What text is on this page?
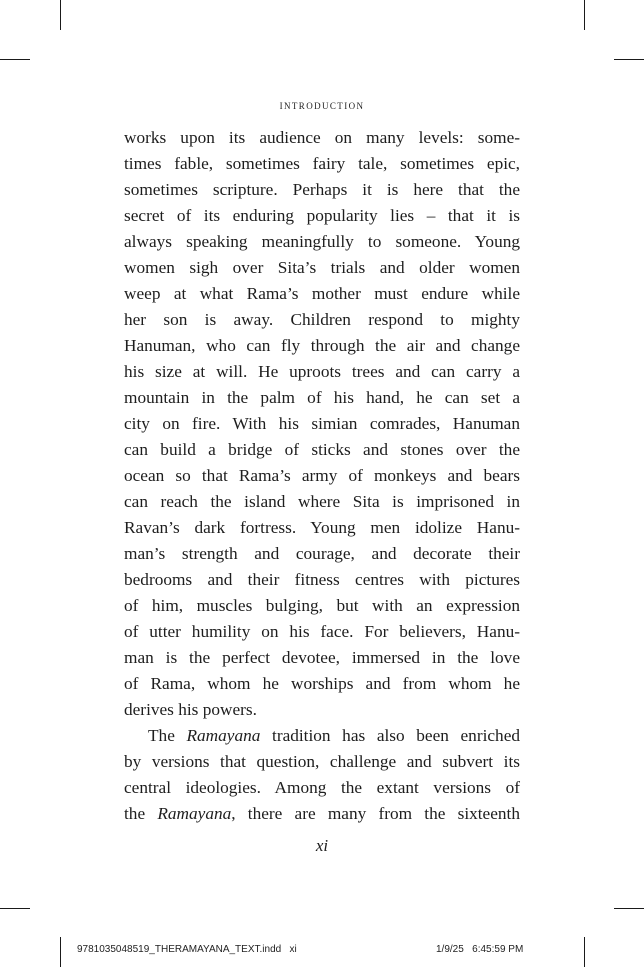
introduction

works upon its audience on many levels: some-
times fable, sometimes fairy tale, sometimes epic,
sometimes scripture. Perhaps it is here that the
secret of its enduring popularity lies – that it is
always speaking meaningfully to someone. Young
women sigh over Sita’s trials and older women
weep at what Rama’s mother must endure while
her son is away. Children respond to mighty
Hanuman, who can fly through the air and change
his size at will. He uproots trees and can carry a
mountain in the palm of his hand, he can set a
city on fire. With his simian comrades, Hanuman
can build a bridge of sticks and stones over the
ocean so that Rama’s army of monkeys and bears
can reach the island where Sita is imprisoned in
Ravan’s dark fortress. Young men idolize Hanu-
man’s strength and courage, and decorate their
bedrooms and their fitness centres with pictures
of him, muscles bulging, but with an expression
of utter humility on his face. For believers, Hanu-
man is the perfect devotee, immersed in the love
of Rama, whom he worships and from whom he
derives his powers.

The Ramayana tradition has also been enriched
by versions that question, challenge and subvert its
central ideologies. Among the extant versions of
the Ramayana, there are many from the sixteenth

xi
9781035048519_THERAMAYANA_TEXT.indd   xi	1/9/25   6:45:59 PM
